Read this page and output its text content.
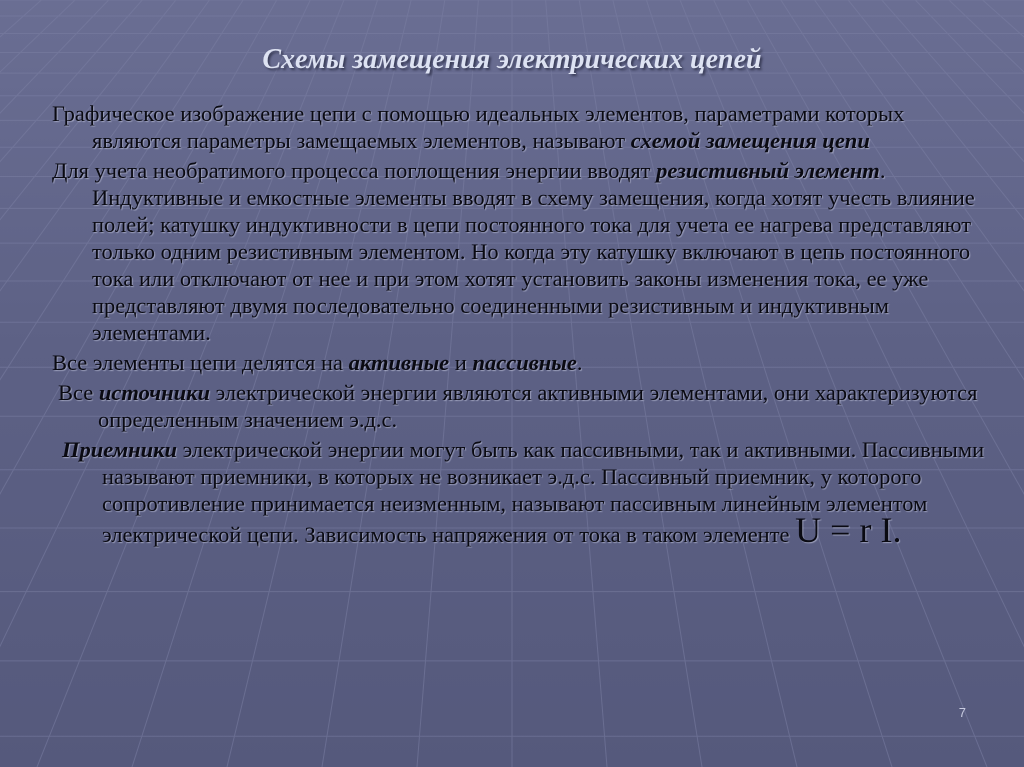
Схемы замещения электрических цепей

Графическое изображение цепи с помощью идеальных элементов, параметрами которых являются параметры замещаемых элементов, называют схемой замещения цепи

Для учета необратимого процесса поглощения энергии вводят резистивный элемент. Индуктивные и емкостные элементы вводят в схему замещения, когда хотят учесть влияние полей; катушку индуктивности в цепи постоянного тока для учета ее нагрева представляют только одним резистивным элементом. Но когда эту катушку включают в цепь постоянного тока или отключают от нее и при этом хотят установить законы изменения тока, ее уже представляют двумя последовательно соединенными резистивным и индуктивным элементами.

Все элементы цепи делятся на активные и пассивные.

Все источники электрической энергии являются активными элементами, они характеризуются определенным значением э.д.с.

Приемники электрической энергии могут быть как пассивными, так и активными. Пассивными называют приемники, в которых не возникает э.д.с. Пассивный приемник, у которого сопротивление принимается неизменным, называют пассивным линейным элементом электрической цепи. Зависимость напряжения от тока в таком элементе U = r I.

7
